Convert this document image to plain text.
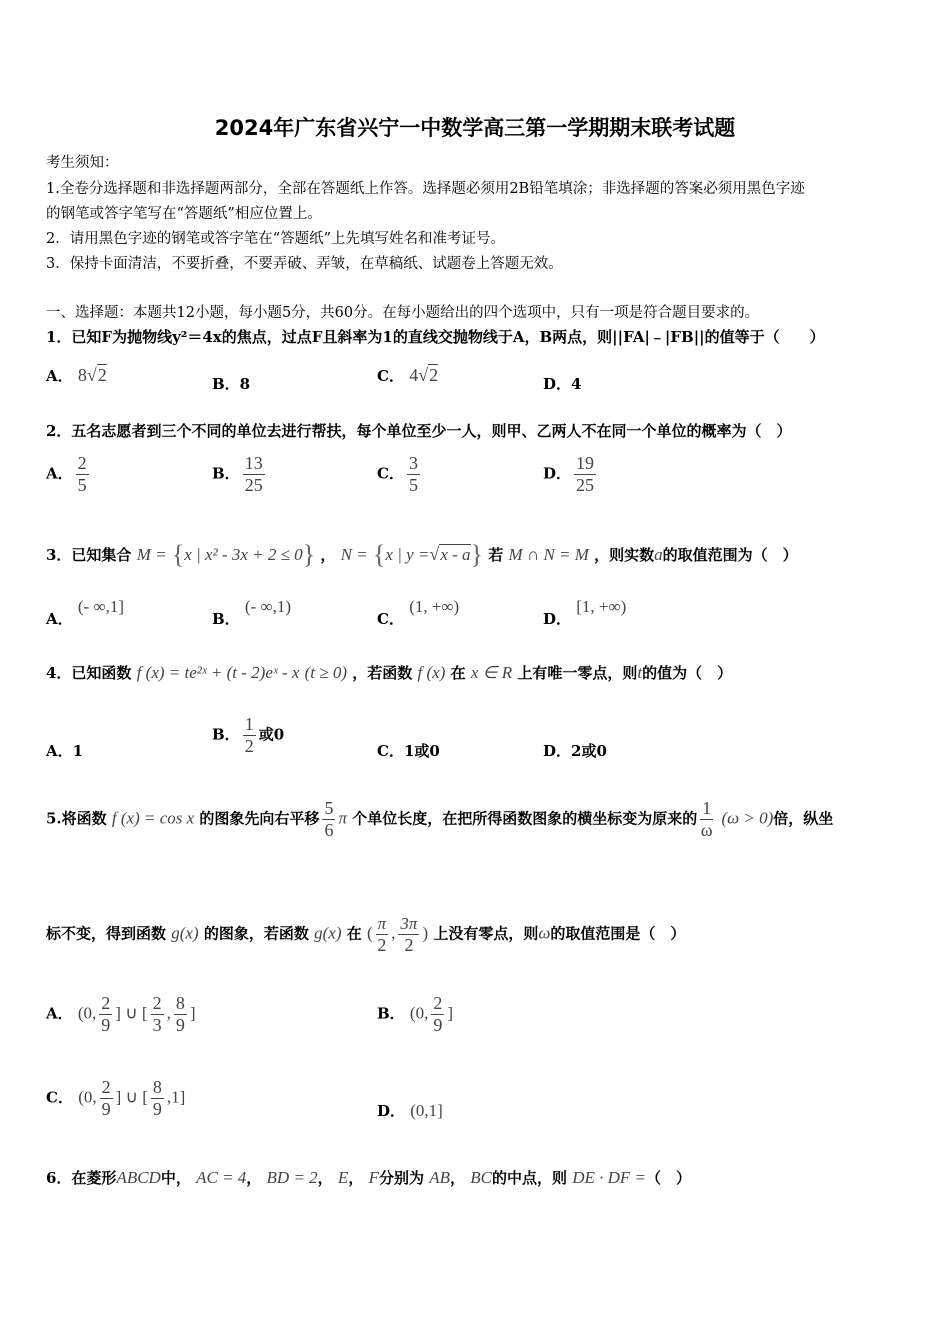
2024年广东省兴宁一中数学高三第一学期期末联考试题
考生须知：
1.全卷分选择题和非选择题两部分，全部在答题纸上作答。选择题必须用2B铅笔填涂；非选择题的答案必须用黑色字迹
的钢笔或答字笔写在“答题纸”相应位置上。
2．请用黑色字迹的钢笔或答字笔在“答题纸”上先填写姓名和准考证号。
3．保持卡面清洁，不要折叠，不要弄破、弄皱，在草稿纸、试题卷上答题无效。
一、选择题：本题共12小题，每小题5分，共60分。在每小题给出的四个选项中，只有一项是符合题目要求的。
1．已知F为抛物线y²＝4x的焦点，过点F且斜率为1的直线交抛物线于A，B两点，则||FA|﹣|FB||的值等于（　　）
A． 8√2	B．8	C． 4√2	D．4
2．五名志愿者到三个不同的单位去进行帮扶，每个单位至少一人，则甲、乙两人不在同一个单位的概率为（　）
A． $\frac{2}{5}$	B． $\frac{13}{25}$	C． $\frac{3}{5}$	D． $\frac{19}{25}$
3．已知集合 M = {x | x² - 3x + 2 ≤ 0} ， N = {x | y =√x - a} 若 M ∩ N = M ，则实数a的取值范围为（　）
A． (- ∞,1]
B． (- ∞,1)
C． (1, +∞)
D． [1, +∞)
4．已知函数 f (x) = te²ˣ + (t - 2)eˣ - x (t ≥ 0) ，若函数 f (x) 在 x ∈ R 上有唯一零点，则t的值为（　）
A．1
B． $\frac{1}{2}$ 或0
C．1或0	D．2或0
5.将函数 f (x) = cos x 的图象先向右平移 $\frac{5}{6}$ π 个单位长度，在把所得函数图象的横坐标变为原来的 $\frac{1}{\omega} (\omega > 0)$倍，纵坐
标不变，得到函数 g(x) 的图象，若函数 g(x) 在 ( $\frac{\pi}{2}$ , $\frac{3\pi}{2}$ ) 上没有零点，则ω的取值范围是（　）
A． (0, $\frac{2}{9}$ ] ∪ [ $\frac{2}{3}$ , $\frac{8}{9}$ ]	B． (0, $\frac{2}{9}$ ]
C． (0, $\frac{2}{9}$ ] ∪ [ $\frac{8}{9} ,1$]
D． (0,1]
6．在菱形ABCD中， AC = 4， BD = 2， E， F分别为 AB， BC的中点，则 DE · DF =（　）
